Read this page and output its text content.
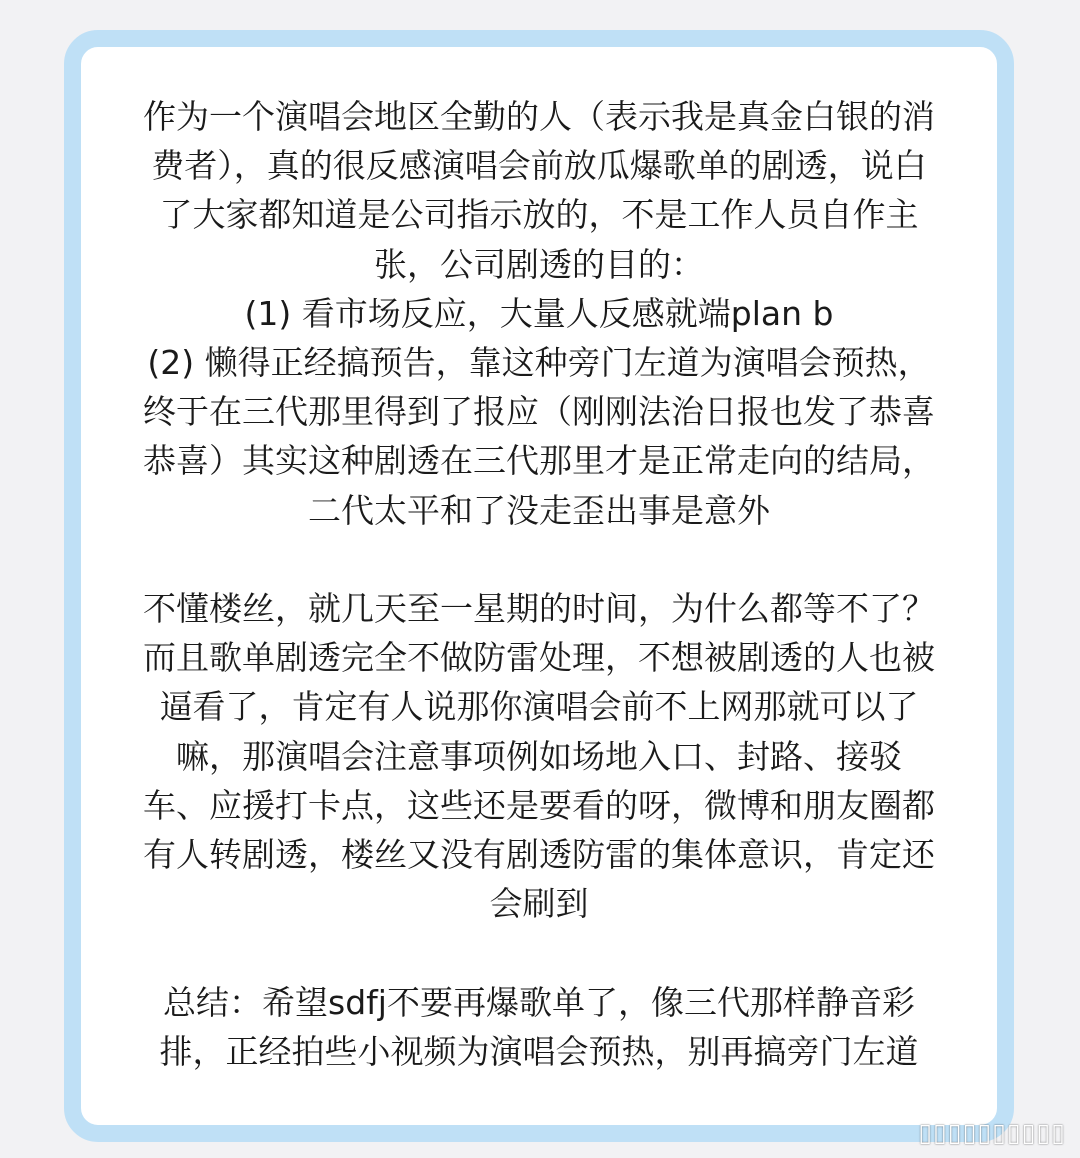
作为一个演唱会地区全勤的人（表示我是真金白银的消
费者），真的很反感演唱会前放瓜爆歌单的剧透，说白
了大家都知道是公司指示放的，不是工作人员自作主
张，公司剧透的目的：
(1) 看市场反应，大量人反感就端plan b
(2) 懒得正经搞预告，靠这种旁门左道为演唱会预热，
终于在三代那里得到了报应（刚刚法治日报也发了恭喜
恭喜）其实这种剧透在三代那里才是正常走向的结局，
二代太平和了没走歪出事是意外

不懂楼丝，就几天至一星期的时间，为什么都等不了？
而且歌单剧透完全不做防雷处理，不想被剧透的人也被
逼看了，肯定有人说那你演唱会前不上网那就可以了
嘛，那演唱会注意事项例如场地入口、封路、接驳
车、应援打卡点，这些还是要看的呀，微博和朋友圈都
有人转剧透，楼丝又没有剧透防雷的集体意识，肯定还
会刷到

总结：希望sdfj不要再爆歌单了，像三代那样静音彩
排，正经拍些小视频为演唱会预热，别再搞旁门左道

▯▯▯▯▯▯▯▯▯▯
